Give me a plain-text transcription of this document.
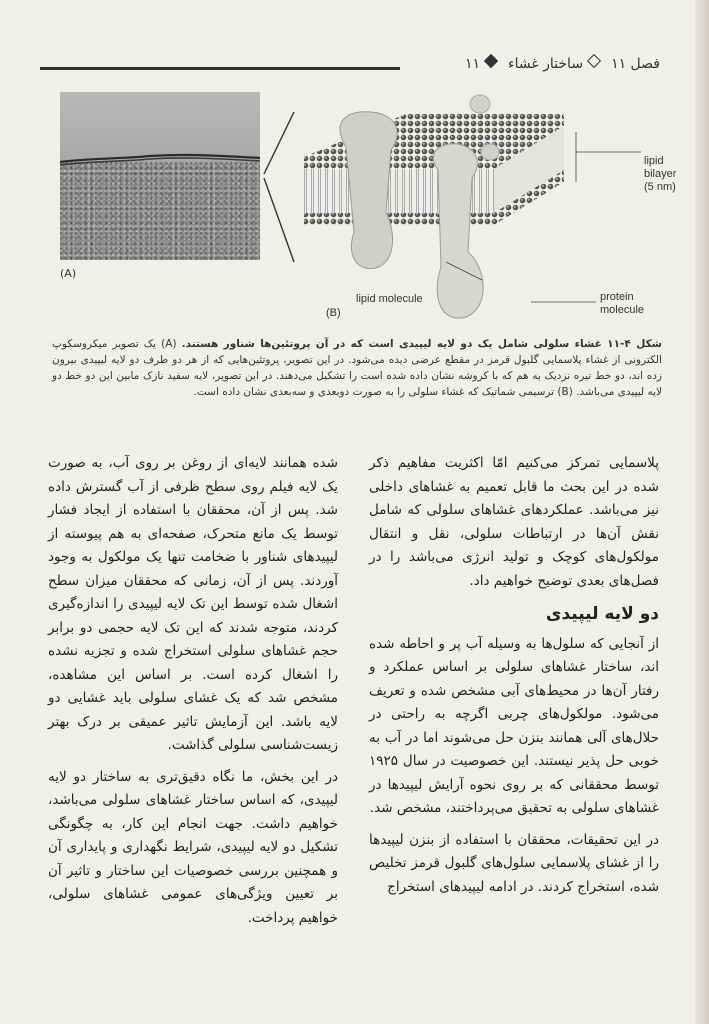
فصل ۱۱ساختار غشاء۱۱
(A)
lipid
bilayer
(5 nm)
lipid molecule	protein
molecule
(B)
شکل ۴-۱۱ غشاء سلولی شامل یک دو لایه لیپیدی است که در آن پروتئین‌ها شناور هستند. (A) یک تصویر میکروسکوپ الکترونی از غشاء پلاسمایی گلبول قرمز در مقطع عرضی دیده می‌شود. در این تصویر، پروتئین‌هایی که از هر دو طرف دو لایه لیپیدی بیرون زده اند، دو خط تیره نزدیک به هم که با کروشه نشان داده شده است را تشکیل می‌دهند. در این تصویر، لایه سفید نازک مابین این دو خط دو لایه لیپیدی می‌باشد. (B) ترسیمی شماتیک که غشاء سلولی را به صورت دوبعدی و سه‌بعدی نشان داده است.

پلاسمایی تمرکز می‌کنیم امّا اکثریت مفاهیم ذکر شده در این بحث ما قابل تعمیم به غشاهای داخلی نیز می‌باشد. عملکردهای غشاهای سلولی که شامل نقش آن‌ها در ارتباطات سلولی، نقل و انتقال مولکول‌های کوچک و تولید انرژی می‌باشد را در فصل‌های بعدی توضیح خواهیم داد.

دو لایه لیپیدی

از آنجایی که سلول‌ها به وسیله آب پر و احاطه شده اند، ساختار غشاهای سلولی بر اساس عملکرد و رفتار آن‌ها در محیط‌های آبی مشخص شده و تعریف می‌شود. مولکول‌های چربی اگرچه به راحتی در حلال‌های آلی همانند بنزن حل می‌شوند اما در آب به خوبی حل پذیر نیستند. این خصوصیت در سال ۱۹۲۵ توسط محققانی که بر روی نحوه آرایش لیپیدها در غشاهای سلولی به تحقیق می‌پرداختند، مشخص شد.

در این تحقیقات، محققان با استفاده از بنزن لیپیدها را از غشای پلاسمایی سلول‌های گلبول قرمز تخلیص شده، استخراج کردند. در ادامه لیپیدهای استخراج

شده همانند لایه‌ای از روغن بر روی آب، به صورت یک لایه فیلم روی سطح ظرفی از آب گسترش داده شد. پس از آن، محققان با استفاده از ایجاد فشار توسط یک مانع متحرک، صفحه‌ای به هم پیوسته از لیپیدهای شناور با ضخامت تنها یک مولکول به وجود آوردند. پس از آن، زمانی که محققان میزان سطح اشغال شده توسط این تک لایه لیپیدی را اندازه‌گیری کردند، متوجه شدند که این تک لایه حجمی دو برابر حجم غشاهای سلولی استخراج شده و تجزیه نشده را اشغال کرده است. بر اساس این مشاهده، مشخص شد که یک غشای سلولی باید غشایی دو لایه باشد. این آزمایش تاثیر عمیقی بر درک بهتر زیست‌شناسی سلولی گذاشت.

در این بخش، ما نگاه دقیق‌تری به ساختار دو لایه لیپیدی، که اساس ساختار غشاهای سلولی می‌باشد، خواهیم داشت. جهت انجام این کار، به چگونگی تشکیل دو لایه لیپیدی، شرایط نگهداری و پایداری آن و همچنین بررسی خصوصیات این ساختار و تاثیر آن بر تعیین ویژگی‌های عمومی غشاهای سلولی، خواهیم پرداخت.
